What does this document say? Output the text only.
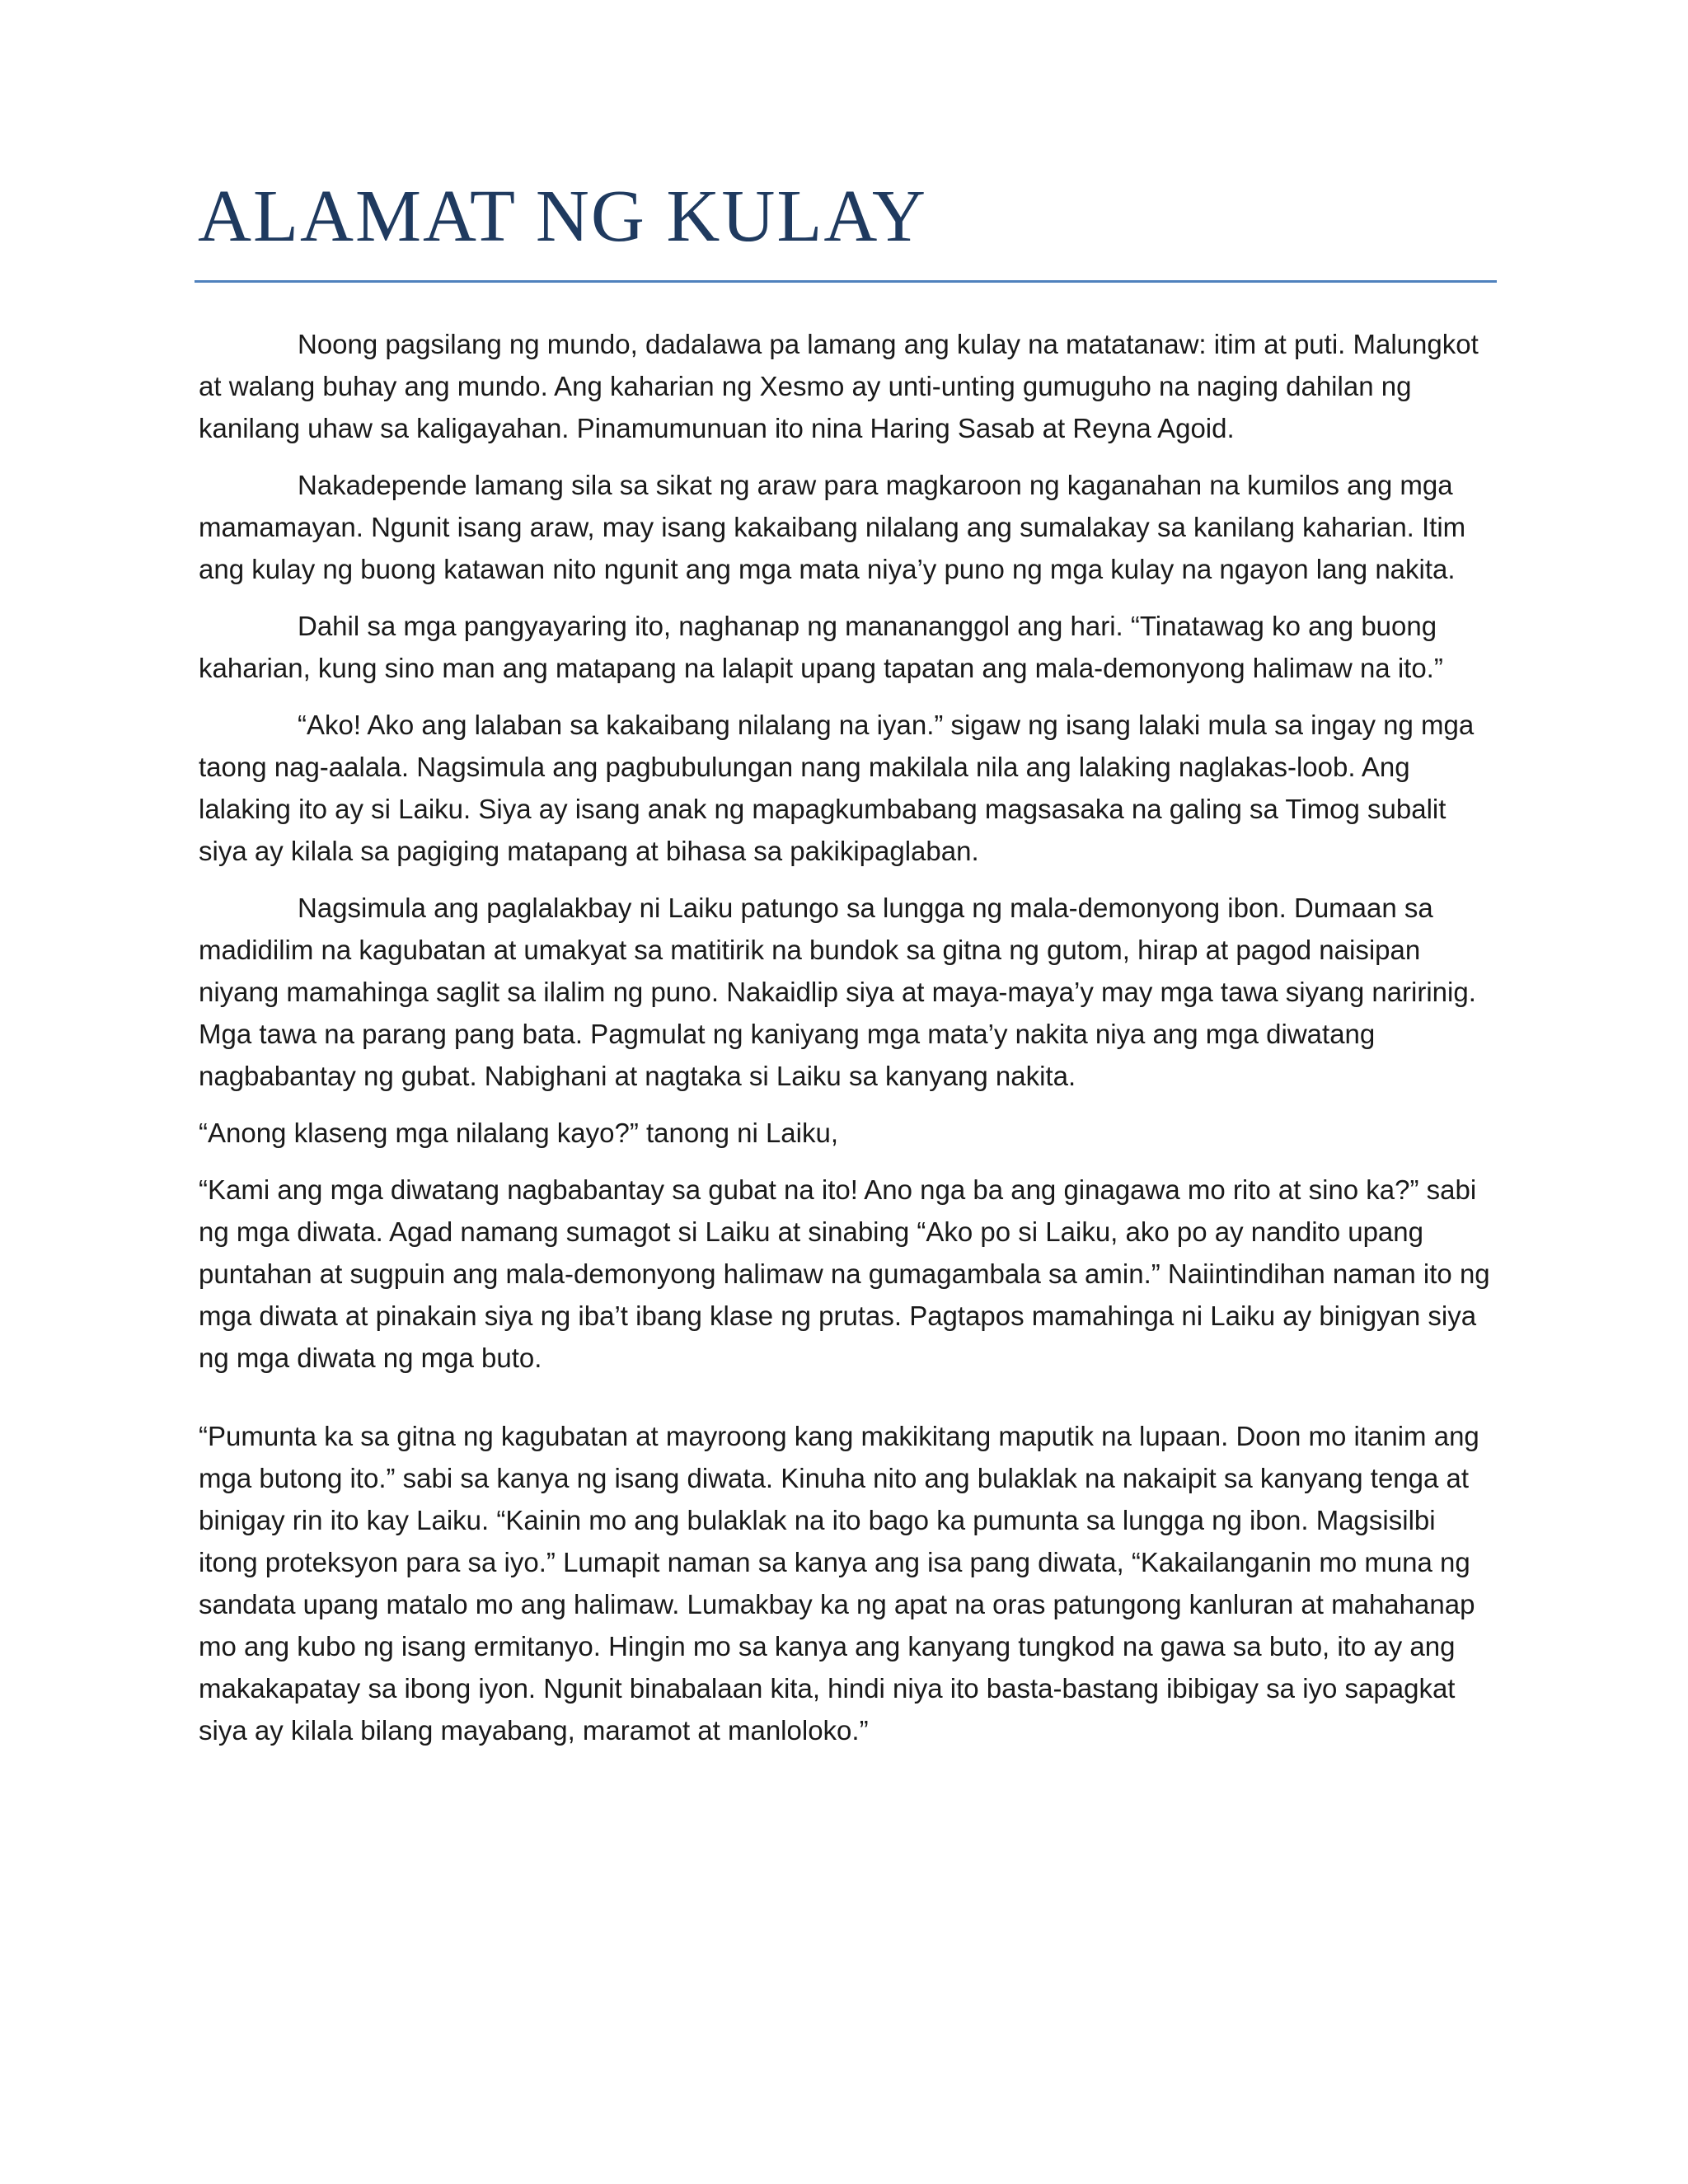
ALAMAT NG KULAY

Noong pagsilang ng mundo, dadalawa pa lamang ang kulay na matatanaw: itim at puti. Malungkot at walang buhay ang mundo. Ang kaharian ng Xesmo ay unti-unting gumuguho na naging dahilan ng kanilang uhaw sa kaligayahan. Pinamumunuan ito nina Haring Sasab at Reyna Agoid.

Nakadepende lamang sila sa sikat ng araw para magkaroon ng kaganahan na kumilos ang mga mamamayan. Ngunit isang araw, may isang kakaibang nilalang ang sumalakay sa kanilang kaharian. Itim ang kulay ng buong katawan nito ngunit ang mga mata niya’y puno ng mga kulay na ngayon lang nakita.

Dahil sa mga pangyayaring ito, naghanap ng manananggol ang hari. “Tinatawag ko ang buong kaharian, kung sino man ang matapang na lalapit upang tapatan ang mala-demonyong halimaw na ito.”

“Ako! Ako ang lalaban sa kakaibang nilalang na iyan.” sigaw ng isang lalaki mula sa ingay ng mga taong nag-aalala. Nagsimula ang pagbubulungan nang makilala nila ang lalaking naglakas-loob. Ang lalaking ito ay si Laiku. Siya ay isang anak ng mapagkumbabang magsasaka na galing sa Timog subalit siya ay kilala sa pagiging matapang at bihasa sa pakikipaglaban.

Nagsimula ang paglalakbay ni Laiku patungo sa lungga ng mala-demonyong ibon. Dumaan sa madidilim na kagubatan at umakyat sa matitirik na bundok sa gitna ng gutom, hirap at pagod naisipan niyang mamahinga saglit sa ilalim ng puno. Nakaidlip siya at maya-maya’y may mga tawa siyang naririnig. Mga tawa na parang pang bata. Pagmulat ng kaniyang mga mata’y nakita niya ang mga diwatang nagbabantay ng gubat. Nabighani at nagtaka si Laiku sa kanyang nakita.

“Anong klaseng mga nilalang kayo?” tanong ni Laiku,

“Kami ang mga diwatang nagbabantay sa gubat na ito! Ano nga ba ang ginagawa mo rito at sino ka?” sabi ng mga diwata. Agad namang sumagot si Laiku at sinabing “Ako po si Laiku, ako po ay nandito upang puntahan at sugpuin ang mala-demonyong halimaw na gumagambala sa amin.” Naiintindihan naman ito ng mga diwata at pinakain siya ng iba’t ibang klase ng prutas. Pagtapos mamahinga ni Laiku ay binigyan siya ng mga diwata ng mga buto.

“Pumunta ka sa gitna ng kagubatan at mayroong kang makikitang maputik na lupaan. Doon mo itanim ang mga butong ito.” sabi sa kanya ng isang diwata. Kinuha nito ang bulaklak na nakaipit sa kanyang tenga at binigay rin ito kay Laiku. “Kainin mo ang bulaklak na ito bago ka pumunta sa lungga ng ibon. Magsisilbi itong proteksyon para sa iyo.” Lumapit naman sa kanya ang isa pang diwata, “Kakailanganin mo muna ng sandata upang matalo mo ang halimaw. Lumakbay ka ng apat na oras patungong kanluran at mahahanap mo ang kubo ng isang ermitanyo. Hingin mo sa kanya ang kanyang tungkod na gawa sa buto, ito ay ang makakapatay sa ibong iyon. Ngunit binabalaan kita, hindi niya ito basta-bastang ibibigay sa iyo sapagkat siya ay kilala bilang mayabang, maramot at manloloko.”
